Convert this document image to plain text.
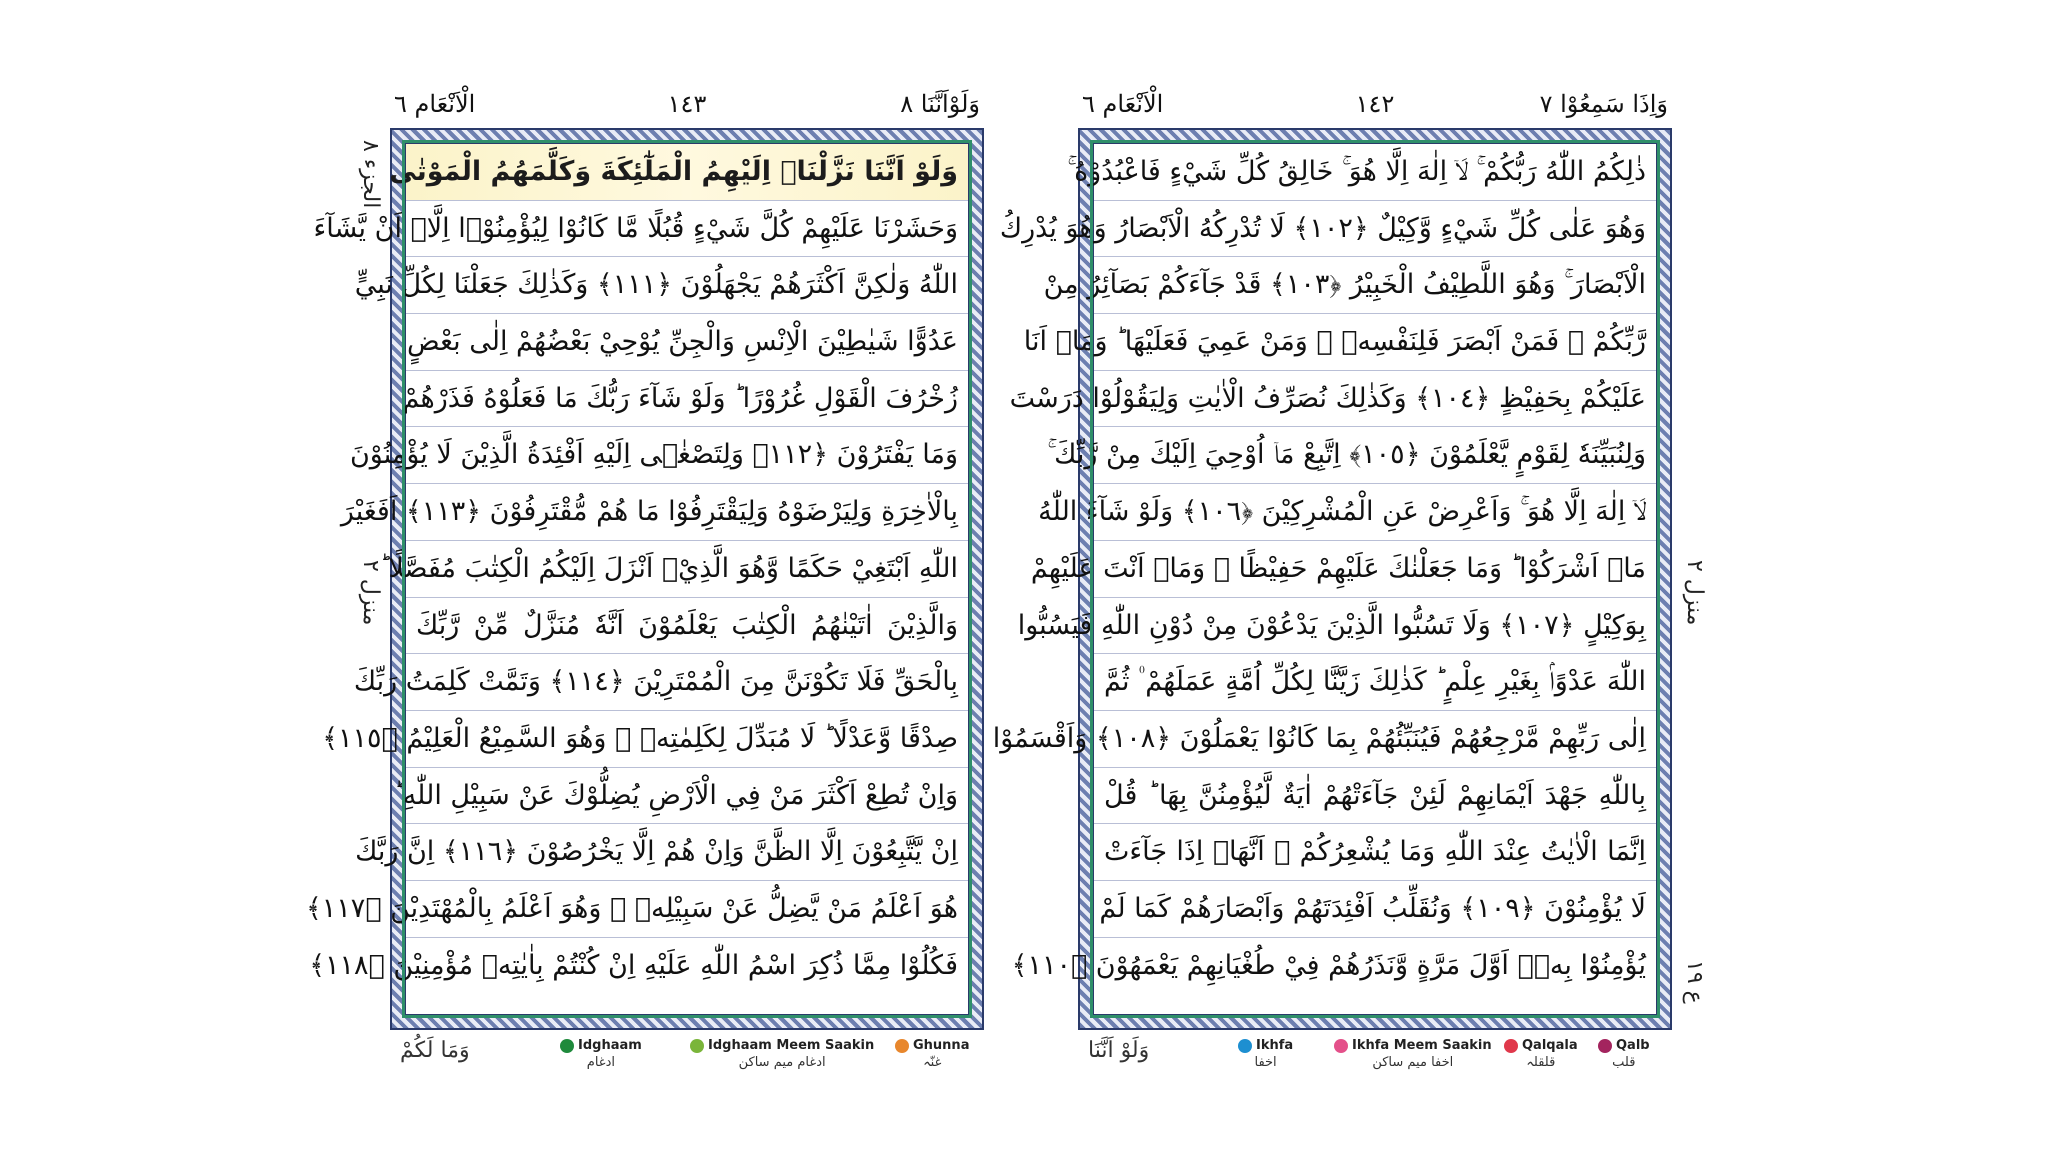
وَلَوْاَنَّنَا ٨
١٤٣
الْاَنْعَام ٦
وَلَوْ اَنَّنَا نَزَّلْنَاۤ اِلَيْهِمُ الْمَلٰٓئِكَةَ وَكَلَّمَهُمُ الْمَوْتٰى
وَحَشَرْنَا عَلَيْهِمْ كُلَّ شَيْءٍ قُبُلًا مَّا كَانُوْا لِيُؤْمِنُوْۤا اِلَّاۤ اَنْ يَّشَآءَ
اللّٰهُ وَلٰكِنَّ اَكْثَرَهُمْ يَجْهَلُوْنَ ﴿١١١﴾ وَكَذٰلِكَ جَعَلْنَا لِكُلِّ نَبِيٍّ
عَدُوًّا شَيٰطِيْنَ الْاِنْسِ وَالْجِنِّ يُوْحِيْ بَعْضُهُمْ اِلٰى بَعْضٍ
زُخْرُفَ الْقَوْلِ غُرُوْرًا ؕ وَلَوْ شَآءَ رَبُّكَ مَا فَعَلُوْهُ فَذَرْهُمْ
وَمَا يَفْتَرُوْنَ ﴿١١٢﴾ وَلِتَصْغٰۤى اِلَيْهِ اَفْئِدَةُ الَّذِيْنَ لَا يُؤْمِنُوْنَ
بِالْاٰخِرَةِ وَلِيَرْضَوْهُ وَلِيَقْتَرِفُوْا مَا هُمْ مُّقْتَرِفُوْنَ ﴿١١٣﴾ اَفَغَيْرَ
اللّٰهِ اَبْتَغِيْ حَكَمًا وَّهُوَ الَّذِيْۤ اَنْزَلَ اِلَيْكُمُ الْكِتٰبَ مُفَصَّلًا ؕ
وَالَّذِيْنَ اٰتَيْنٰهُمُ الْكِتٰبَ يَعْلَمُوْنَ اَنَّهٗ مُنَزَّلٌ مِّنْ رَّبِّكَ
بِالْحَقِّ فَلَا تَكُوْنَنَّ مِنَ الْمُمْتَرِيْنَ ﴿١١٤﴾ وَتَمَّتْ كَلِمَتُ رَبِّكَ
صِدْقًا وَّعَدْلًا ؕ لَا مُبَدِّلَ لِكَلِمٰتِهٖ ۚ وَهُوَ السَّمِيْعُ الْعَلِيْمُ ﴿١١٥﴾
وَاِنْ تُطِعْ اَكْثَرَ مَنْ فِي الْاَرْضِ يُضِلُّوْكَ عَنْ سَبِيْلِ اللّٰهِ ؕ
اِنْ يَّتَّبِعُوْنَ اِلَّا الظَّنَّ وَاِنْ هُمْ اِلَّا يَخْرُصُوْنَ ﴿١١٦﴾ اِنَّ رَبَّكَ
هُوَ اَعْلَمُ مَنْ يَّضِلُّ عَنْ سَبِيْلِهٖ ۚ وَهُوَ اَعْلَمُ بِالْمُهْتَدِيْنَ ﴿١١٧﴾
فَكُلُوْا مِمَّا ذُكِرَ اسْمُ اللّٰهِ عَلَيْهِ اِنْ كُنْتُمْ بِاٰيٰتِهٖ مُؤْمِنِيْنَ ﴿١١٨﴾
وَمَا لَكُمْ	Idghaam
ادغام
Idghaam Meem Saakin
ادغام میم ساکن
Ghunna
غنّہ
الجزء ٨
منزل ٢
وَاِذَا سَمِعُوْا ٧
١٤٢
الْاَنْعَام ٦
ذٰلِكُمُ اللّٰهُ رَبُّكُمْ ۚ لَاۤ اِلٰهَ اِلَّا هُوَ ۚ خَالِقُ كُلِّ شَيْءٍ فَاعْبُدُوْهُ ۚ
وَهُوَ عَلٰى كُلِّ شَيْءٍ وَّكِيْلٌ ﴿١٠٢﴾ لَا تُدْرِكُهُ الْاَبْصَارُ وَهُوَ يُدْرِكُ
الْاَبْصَارَ ۚ وَهُوَ اللَّطِيْفُ الْخَبِيْرُ ﴿١٠٣﴾ قَدْ جَآءَكُمْ بَصَآئِرُ مِنْ
رَّبِّكُمْ ۚ فَمَنْ اَبْصَرَ فَلِنَفْسِهٖ ۚ وَمَنْ عَمِيَ فَعَلَيْهَا ؕ وَمَاۤ اَنَا
عَلَيْكُمْ بِحَفِيْظٍ ﴿١٠٤﴾ وَكَذٰلِكَ نُصَرِّفُ الْاٰيٰتِ وَلِيَقُوْلُوْا دَرَسْتَ
وَلِنُبَيِّنَهٗ لِقَوْمٍ يَّعْلَمُوْنَ ﴿١٠٥﴾ اِتَّبِعْ مَاۤ اُوْحِيَ اِلَيْكَ مِنْ رَّبِّكَ ۚ
لَاۤ اِلٰهَ اِلَّا هُوَ ۚ وَاَعْرِضْ عَنِ الْمُشْرِكِيْنَ ﴿١٠٦﴾ وَلَوْ شَآءَ اللّٰهُ
مَاۤ اَشْرَكُوْا ؕ وَمَا جَعَلْنٰكَ عَلَيْهِمْ حَفِيْظًا ۚ وَمَاۤ اَنْتَ عَلَيْهِمْ
بِوَكِيْلٍ ﴿١٠٧﴾ وَلَا تَسُبُّوا الَّذِيْنَ يَدْعُوْنَ مِنْ دُوْنِ اللّٰهِ فَيَسُبُّوا
اللّٰهَ عَدْوًاۢ بِغَيْرِ عِلْمٍ ؕ كَذٰلِكَ زَيَّنَّا لِكُلِّ اُمَّةٍ عَمَلَهُمْ ۠ ثُمَّ
اِلٰى رَبِّهِمْ مَّرْجِعُهُمْ فَيُنَبِّئُهُمْ بِمَا كَانُوْا يَعْمَلُوْنَ ﴿١٠٨﴾ وَاَقْسَمُوْا
بِاللّٰهِ جَهْدَ اَيْمَانِهِمْ لَئِنْ جَآءَتْهُمْ اٰيَةٌ لَّيُؤْمِنُنَّ بِهَا ؕ قُلْ
اِنَّمَا الْاٰيٰتُ عِنْدَ اللّٰهِ وَمَا يُشْعِرُكُمْ ۙ اَنَّهَاۤ اِذَا جَآءَتْ
لَا يُؤْمِنُوْنَ ﴿١٠٩﴾ وَنُقَلِّبُ اَفْئِدَتَهُمْ وَاَبْصَارَهُمْ كَمَا لَمْ
يُؤْمِنُوْا بِهٖۤ اَوَّلَ مَرَّةٍ وَّنَذَرُهُمْ فِيْ طُغْيَانِهِمْ يَعْمَهُوْنَ ﴿١١٠﴾
وَلَوْ اَنَّنَا	Ikhfa
اخفا
Ikhfa Meem Saakin
اخفا میم ساکن
Qalqala
قلقلہ
Qalb
قلب
منزل ٢
ع ١٩
